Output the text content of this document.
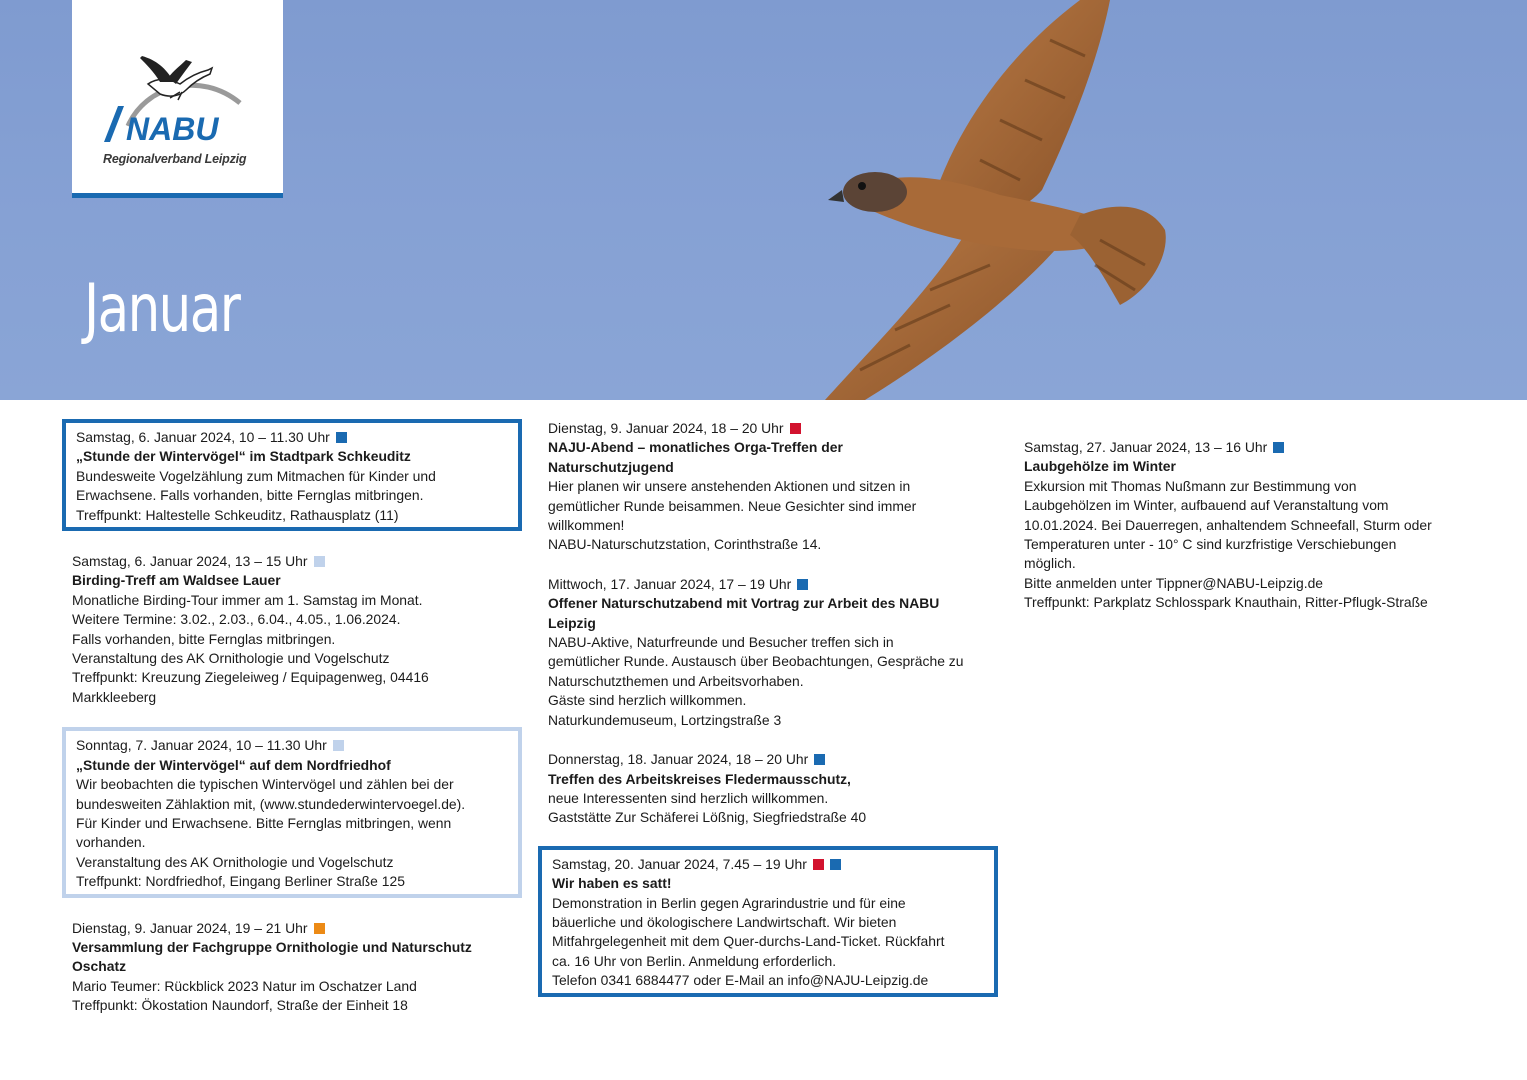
NABU
Regionalverband Leipzig
Januar

Samstag, 6. Januar 2024, 10 – 11.30 Uhr

„Stunde der Wintervögel“ im Stadtpark Schkeuditz

Bundesweite Vogelzählung zum Mitmachen für Kinder und

Erwachsene. Falls vorhanden, bitte Fernglas mitbringen.

Treffpunkt: Haltestelle Schkeuditz, Rathausplatz (11)

Samstag, 6. Januar 2024, 13 – 15 Uhr

Birding-Treff am Waldsee Lauer

Monatliche Birding-Tour immer am 1. Samstag im Monat.

Weitere Termine: 3.02., 2.03., 6.04., 4.05., 1.06.2024.

Falls vorhanden, bitte Fernglas mitbringen.

Veranstaltung des AK Ornithologie und Vogelschutz

Treffpunkt: Kreuzung Ziegeleiweg / Equipagenweg, 04416

Markkleeberg

Sonntag, 7. Januar 2024, 10 – 11.30 Uhr

„Stunde der Wintervögel“ auf dem Nordfriedhof

Wir beobachten die typischen Wintervögel und zählen bei der

bundesweiten Zählaktion mit, (www.stundederwintervoegel.de).

Für Kinder und Erwachsene. Bitte Fernglas mitbringen, wenn

vorhanden.

Veranstaltung des AK Ornithologie und Vogelschutz

Treffpunkt: Nordfriedhof, Eingang Berliner Straße 125

Dienstag, 9. Januar 2024, 19 – 21 Uhr

Versammlung der Fachgruppe Ornithologie und Naturschutz

Oschatz

Mario Teumer: Rückblick 2023 Natur im Oschatzer Land

Treffpunkt: Ökostation Naundorf, Straße der Einheit 18

Dienstag, 9. Januar 2024, 18 – 20 Uhr

NAJU-Abend – monatliches Orga-Treffen der

Naturschutzjugend

Hier planen wir unsere anstehenden Aktionen und sitzen in

gemütlicher Runde beisammen. Neue Gesichter sind immer

willkommen!

NABU-Naturschutzstation, Corinthstraße 14.

Mittwoch, 17. Januar 2024, 17 – 19 Uhr

Offener Naturschutzabend mit Vortrag zur Arbeit des NABU

Leipzig

NABU-Aktive, Naturfreunde und Besucher treffen sich in

gemütlicher Runde. Austausch über Beobachtungen, Gespräche zu

Naturschutzthemen und Arbeitsvorhaben.

Gäste sind herzlich willkommen.

Naturkundemuseum, Lortzingstraße 3

Donnerstag, 18. Januar 2024, 18 – 20 Uhr

Treffen des Arbeitskreises Fledermausschutz,

neue Interessenten sind herzlich willkommen.

Gaststätte Zur Schäferei Lößnig, Siegfriedstraße 40

Samstag, 20. Januar 2024, 7.45 – 19 Uhr

Wir haben es satt!

Demonstration in Berlin gegen Agrarindustrie und für eine

bäuerliche und ökologischere Landwirtschaft. Wir bieten

Mitfahrgelegenheit mit dem Quer-durchs-Land-Ticket. Rückfahrt

ca. 16 Uhr von Berlin. Anmeldung erforderlich.

Telefon 0341 6884477 oder E-Mail an info@NAJU-Leipzig.de

Samstag, 27. Januar 2024, 13 – 16 Uhr

Laubgehölze im Winter

Exkursion mit Thomas Nußmann zur Bestimmung von

Laubgehölzen im Winter, aufbauend auf Veranstaltung vom

10.01.2024. Bei Dauerregen, anhaltendem Schneefall, Sturm oder

Temperaturen unter - 10° C sind kurzfristige Verschiebungen

möglich.

Bitte anmelden unter Tippner@NABU-Leipzig.de

Treffpunkt: Parkplatz Schlosspark Knauthain, Ritter-Pflugk-Straße
